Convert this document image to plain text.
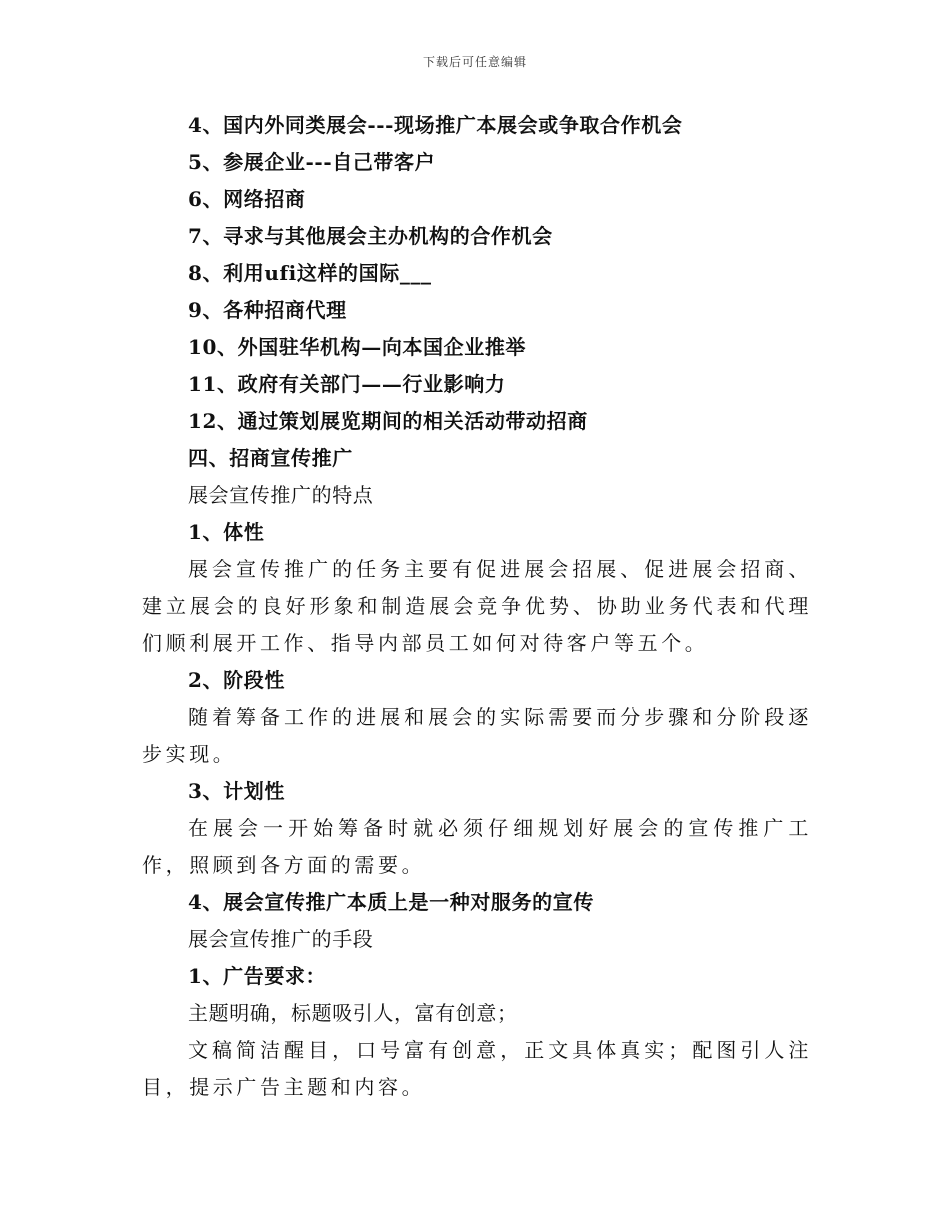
下载后可任意编辑
4、国内外同类展会---现场推广本展会或争取合作机会
5、参展企业---自己带客户
6、网络招商
7、寻求与其他展会主办机构的合作机会
8、利用ufi这样的国际___
9、各种招商代理
10、外国驻华机构—向本国企业推举
11、政府有关部门——行业影响力
12、通过策划展览期间的相关活动带动招商
四、招商宣传推广
展会宣传推广的特点
1、体性

展会宣传推广的任务主要有促进展会招展、促进展会招商、建立展会的良好形象和制造展会竞争优势、协助业务代表和代理们顺利展开工作、指导内部员工如何对待客户等五个。

2、阶段性

随着筹备工作的进展和展会的实际需要而分步骤和分阶段逐步实现。

3、计划性

在展会一开始筹备时就必须仔细规划好展会的宣传推广工作，照顾到各方面的需要。

4、展会宣传推广本质上是一种对服务的宣传
展会宣传推广的手段
1、广告要求：
主题明确，标题吸引人，富有创意；

文稿简洁醒目，口号富有创意，正文具体真实；配图引人注目，提示广告主题和内容。
